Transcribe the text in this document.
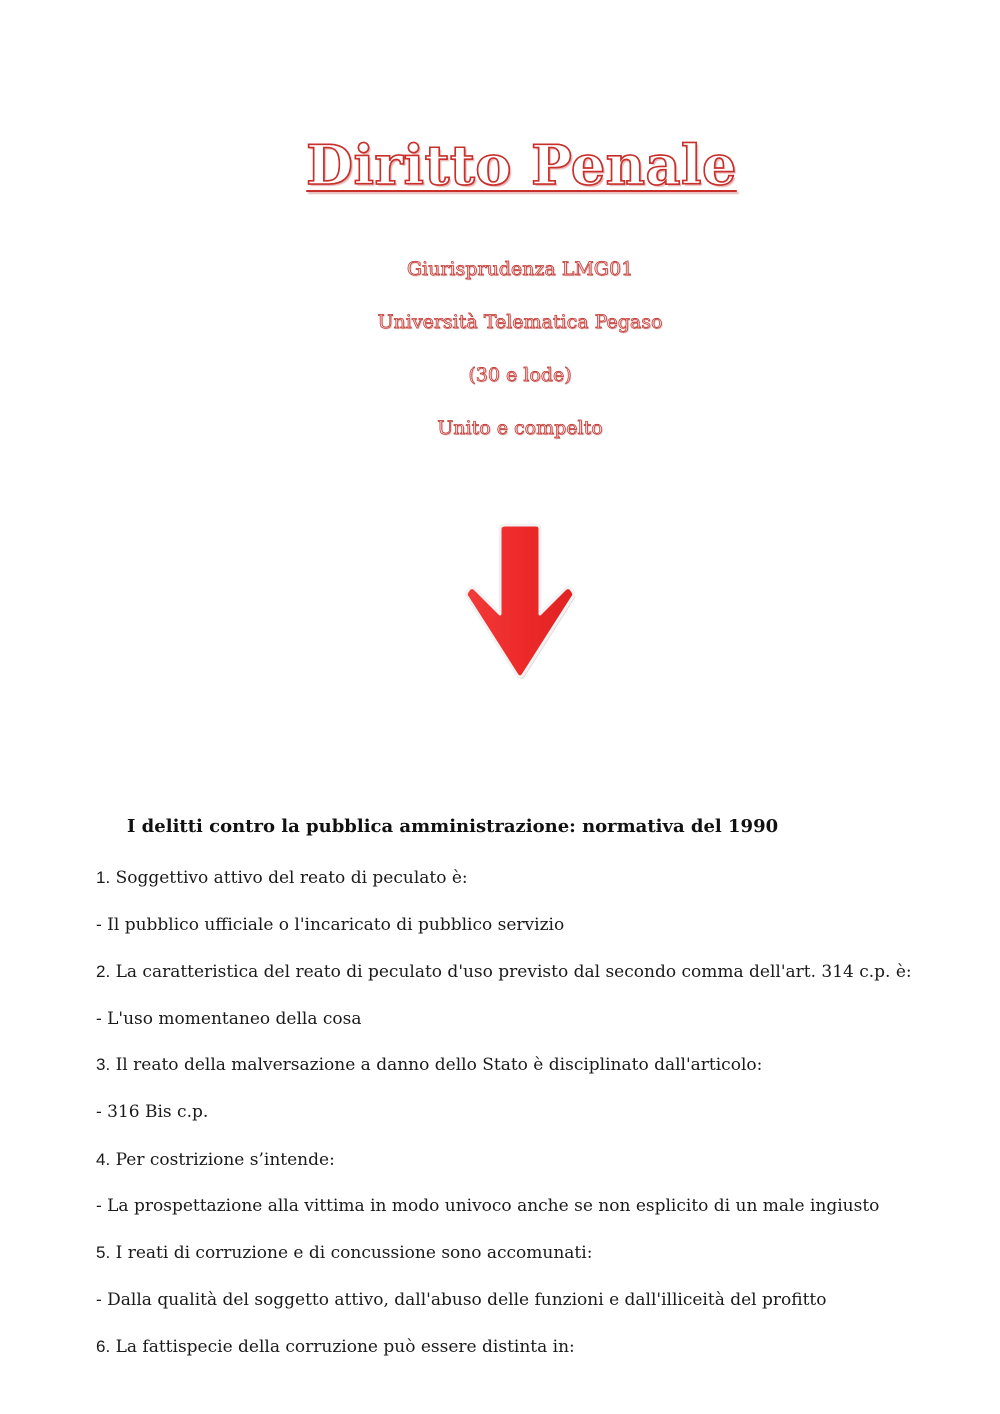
Diritto Penale

Giurisprudenza LMG01

Università Telematica Pegaso

(30 e lode)

Unito e compelto

I delitti contro la pubblica amministrazione: normativa del 1990

1. Soggettivo attivo del reato di peculato è:

- Il pubblico ufficiale o l'incaricato di pubblico servizio

2. La caratteristica del reato di peculato d'uso previsto dal secondo comma dell'art. 314 c.p. è:

- L'uso momentaneo della cosa

3. Il reato della malversazione a danno dello Stato è disciplinato dall'articolo:

- 316 Bis c.p.

4. Per costrizione s’intende:

- La prospettazione alla vittima in modo univoco anche se non esplicito di un male ingiusto

5. I reati di corruzione e di concussione sono accomunati:

- Dalla qualità del soggetto attivo, dall'abuso delle funzioni e dall'illiceità del profitto

6. La fattispecie della corruzione può essere distinta in:
